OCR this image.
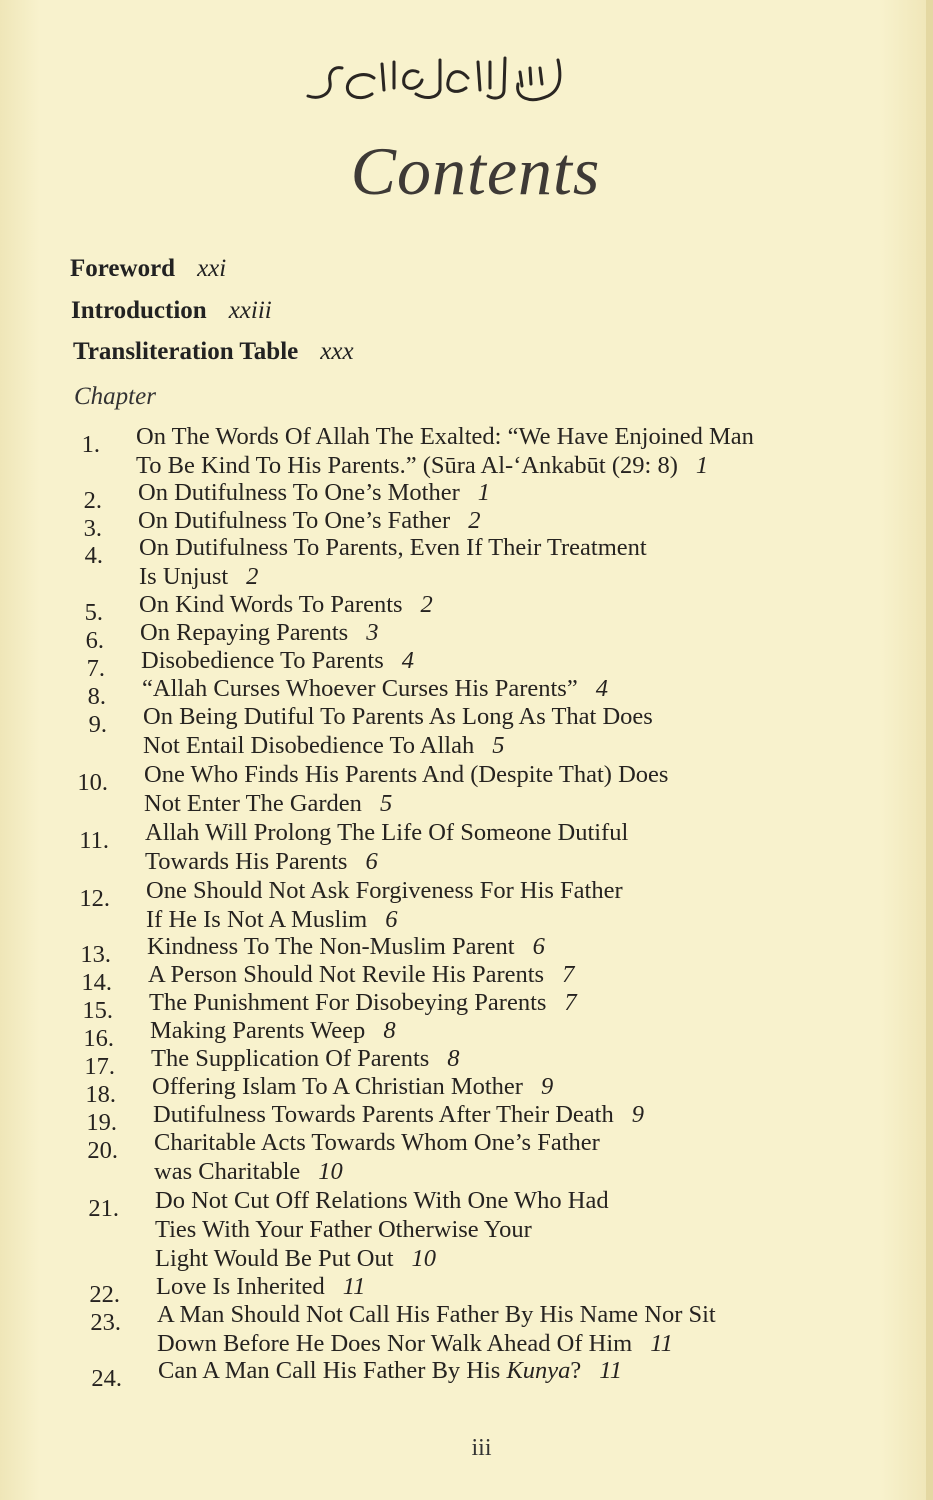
Contents
Foreword xxi
Introduction xxiii
Transliteration Table xxx
Chapter
1. On The Words Of Allah The Exalted: “We Have Enjoined Man
To Be Kind To His Parents.” (Sūra Al-‘Ankabūt (29: 8) 1
2. On Dutifulness To One’s Mother 1
3. On Dutifulness To One’s Father 2
4. On Dutifulness To Parents, Even If Their Treatment
Is Unjust 2
5. On Kind Words To Parents 2
6. On Repaying Parents 3
7. Disobedience To Parents 4
8. “Allah Curses Whoever Curses His Parents” 4
9. On Being Dutiful To Parents As Long As That Does
Not Entail Disobedience To Allah 5
10. One Who Finds His Parents And (Despite That) Does
Not Enter The Garden 5
11. Allah Will Prolong The Life Of Someone Dutiful
Towards His Parents 6
12. One Should Not Ask Forgiveness For His Father
If He Is Not A Muslim 6
13. Kindness To The Non-Muslim Parent 6
14. A Person Should Not Revile His Parents 7
15. The Punishment For Disobeying Parents 7
16. Making Parents Weep 8
17. The Supplication Of Parents 8
18. Offering Islam To A Christian Mother 9
19. Dutifulness Towards Parents After Their Death 9
20. Charitable Acts Towards Whom One’s Father
was Charitable 10
21. Do Not Cut Off Relations With One Who Had
Ties With Your Father Otherwise Your
Light Would Be Put Out 10
22. Love Is Inherited 11
23. A Man Should Not Call His Father By His Name Nor Sit
Down Before He Does Nor Walk Ahead Of Him 11
24. Can A Man Call His Father By His Kunya? 11
iii
